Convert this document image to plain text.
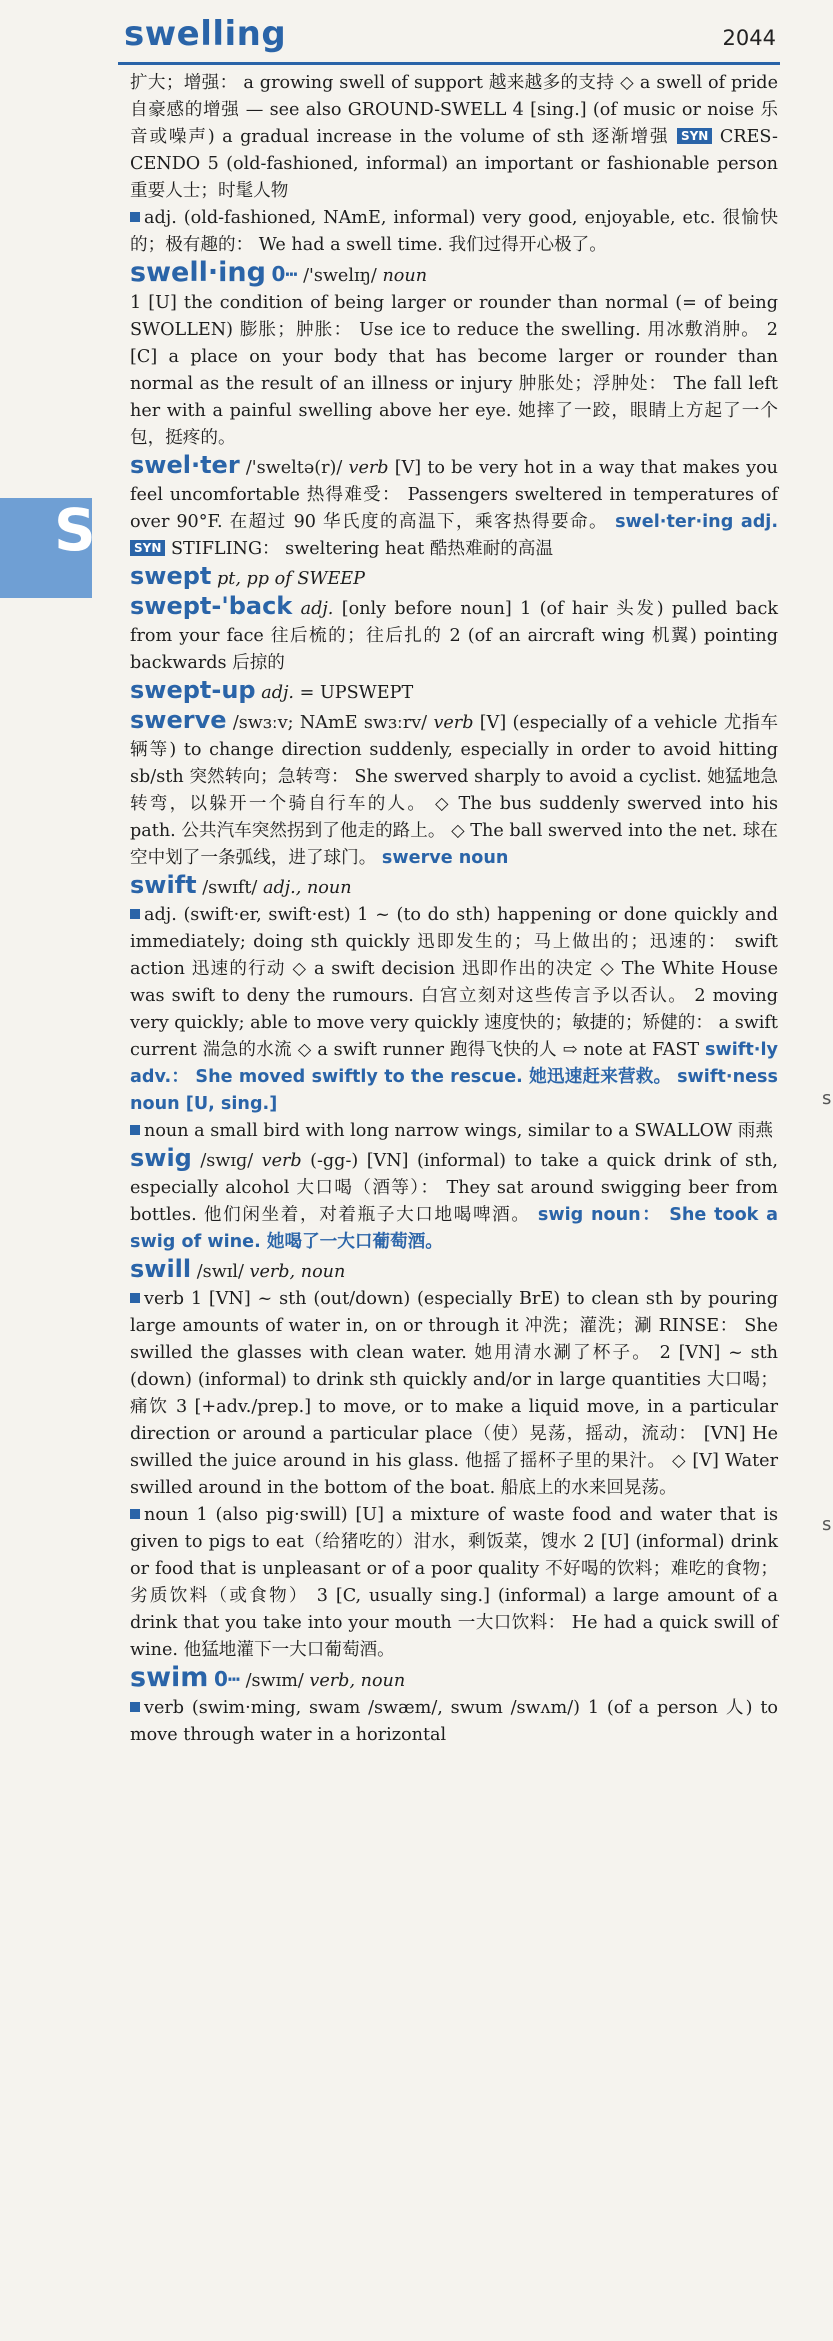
swelling	2044
S
s
s

扩大；增强： a growing swell of support 越来越多的支持 ◇ a swell of pride 自豪感的增强 — see also GROUND-SWELL 4 [sing.] (of music or noise 乐音或噪声) a gradual increase in the volume of sth 逐渐增强 SYN CRES-CENDO 5 (old-fashioned, informal) an important or fashionable person 重要人士；时髦人物

adj. (old-fashioned, NAmE, informal) very good, enjoyable, etc. 很愉快的；极有趣的： We had a swell time. 我们过得开心极了。

swell·ing 0┅ /'swelɪŋ/ noun

1 [U] the condition of being larger or rounder than normal (= of being SWOLLEN) 膨胀；肿胀： Use ice to reduce the swelling. 用冰敷消肿。 2 [C] a place on your body that has become larger or rounder than normal as the result of an illness or injury 肿胀处；浮肿处： The fall left her with a painful swelling above her eye. 她摔了一跤，眼睛上方起了一个包，挺疼的。

swel·ter /'sweltə(r)/ verb [V] to be very hot in a way that makes you feel uncomfortable 热得难受： Passengers sweltered in temperatures of over 90°F. 在超过 90 华氏度的高温下，乘客热得要命。 swel·ter·ing adj. SYN STIFLING： sweltering heat 酷热难耐的高温

swept pt, pp of SWEEP

swept-'back adj. [only before noun] 1 (of hair 头发) pulled back from your face 往后梳的；往后扎的 2 (of an aircraft wing 机翼) pointing backwards 后掠的

swept-up adj. = UPSWEPT

swerve /swɜːv; NAmE swɜːrv/ verb [V] (especially of a vehicle 尤指车辆等) to change direction suddenly, especially in order to avoid hitting sb/sth 突然转向；急转弯： She swerved sharply to avoid a cyclist. 她猛地急转弯，以躲开一个骑自行车的人。 ◇ The bus suddenly swerved into his path. 公共汽车突然拐到了他走的路上。 ◇ The ball swerved into the net. 球在空中划了一条弧线，进了球门。 swerve noun

swift /swɪft/ adj., noun

adj. (swift·er, swift·est) 1 ~ (to do sth) happening or done quickly and immediately; doing sth quickly 迅即发生的；马上做出的；迅速的： swift action 迅速的行动 ◇ a swift decision 迅即作出的决定 ◇ The White House was swift to deny the rumours. 白宫立刻对这些传言予以否认。 2 moving very quickly; able to move very quickly 速度快的；敏捷的；矫健的： a swift current 湍急的水流 ◇ a swift runner 跑得飞快的人 ⇨ note at FAST swift·ly adv.： She moved swiftly to the rescue. 她迅速赶来营救。 swift·ness noun [U, sing.]

noun a small bird with long narrow wings, similar to a SWALLOW 雨燕

swig /swɪɡ/ verb (-gg-) [VN] (informal) to take a quick drink of sth, especially alcohol 大口喝（酒等）： They sat around swigging beer from bottles. 他们闲坐着，对着瓶子大口地喝啤酒。 swig noun： She took a swig of wine. 她喝了一大口葡萄酒。

swill /swɪl/ verb, noun

verb 1 [VN] ~ sth (out/down) (especially BrE) to clean sth by pouring large amounts of water in, on or through it 冲洗；灌洗；涮 RINSE： She swilled the glasses with clean water. 她用清水涮了杯子。 2 [VN] ~ sth (down) (informal) to drink sth quickly and/or in large quantities 大口喝；痛饮 3 [+adv./prep.] to move, or to make a liquid move, in a particular direction or around a particular place（使）晃荡，摇动，流动： [VN] He swilled the juice around in his glass. 他摇了摇杯子里的果汁。 ◇ [V] Water swilled around in the bottom of the boat. 船底上的水来回晃荡。

noun 1 (also pig·swill) [U] a mixture of waste food and water that is given to pigs to eat（给猪吃的）泔水，剩饭菜，馊水 2 [U] (informal) drink or food that is unpleasant or of a poor quality 不好喝的饮料；难吃的食物；劣质饮料（或食物） 3 [C, usually sing.] (informal) a large amount of a drink that you take into your mouth 一大口饮料： He had a quick swill of wine. 他猛地灌下一大口葡萄酒。

swim 0┅ /swɪm/ verb, noun

verb (swim·ming, swam /swæm/, swum /swʌm/) 1 (of a person 人) to move through water in a horizontal
